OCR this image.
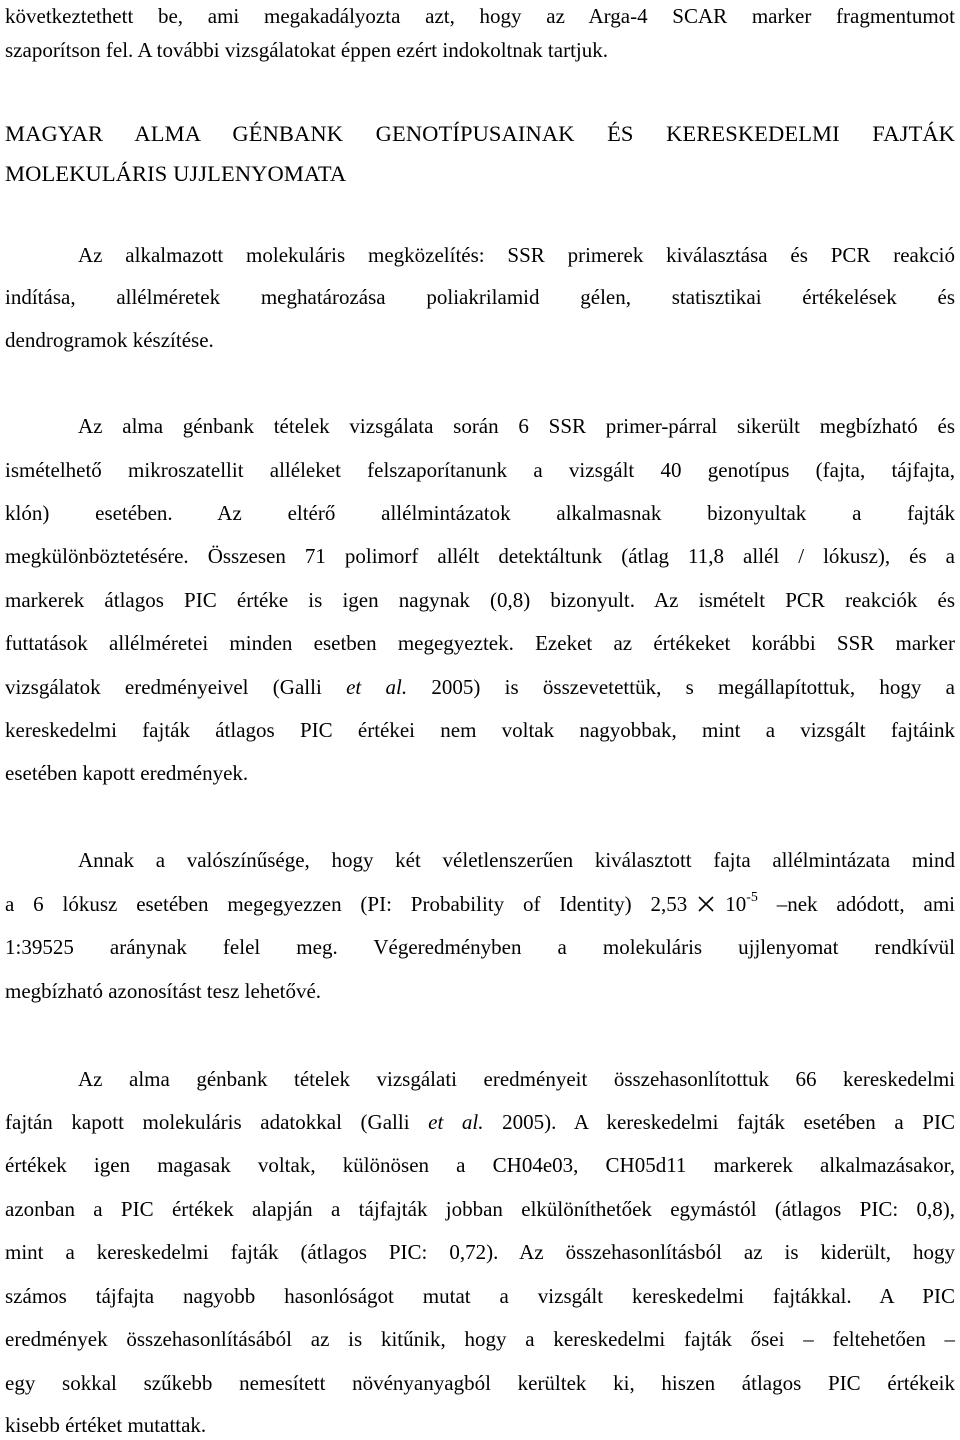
következtethett be, ami megakadályozta azt, hogy az Arga-4 SCAR marker fragmentumot
szaporítson fel. A további vizsgálatokat éppen ezért indokoltnak tartjuk.
MAGYAR ALMA GÉNBANK GENOTÍPUSAINAK ÉS KERESKEDELMI FAJTÁK
MOLEKULÁRIS UJJLENYOMATA
Az alkalmazott molekuláris megközelítés: SSR primerek kiválasztása és PCR reakció
indítása, allélméretek meghatározása poliakrilamid gélen, statisztikai értékelések és
dendrogramok készítése.
Az alma génbank tételek vizsgálata során 6 SSR primer-párral sikerült megbízható és
ismételhető mikroszatellit alléleket felszaporítanunk a vizsgált 40 genotípus (fajta, tájfajta,
klón) esetében. Az eltérő allélmintázatok alkalmasnak bizonyultak a fajták
megkülönböztetésére. Összesen 71 polimorf allélt detektáltunk (átlag 11,8 allél / lókusz), és a
markerek átlagos PIC értéke is igen nagynak (0,8) bizonyult. Az ismételt PCR reakciók és
futtatások allélméretei minden esetben megegyeztek. Ezeket az értékeket korábbi SSR marker
vizsgálatok eredményeivel (Galli et al. 2005) is összevetettük, s megállapítottuk, hogy a
kereskedelmi fajták átlagos PIC értékei nem voltak nagyobbak, mint a vizsgált fajtáink
esetében kapott eredmények.
Annak a valószínűsége, hogy két véletlenszerűen kiválasztott fajta allélmintázata mind
a 6 lókusz esetében megegyezzen (PI: Probability of Identity) 2,53 $10^{-5}$ –nek adódott, ami
1:39525 aránynak felel meg. Végeredményben a molekuláris ujjlenyomat rendkívül
megbízható azonosítást tesz lehetővé.
Az alma génbank tételek vizsgálati eredményeit összehasonlítottuk 66 kereskedelmi
fajtán kapott molekuláris adatokkal (Galli et al. 2005). A kereskedelmi fajták esetében a PIC
értékek igen magasak voltak, különösen a CH04e03, CH05d11 markerek alkalmazásakor,
azonban a PIC értékek alapján a tájfajták jobban elkülöníthetőek egymástól (átlagos PIC: 0,8),
mint a kereskedelmi fajták (átlagos PIC: 0,72). Az összehasonlításból az is kiderült, hogy
számos tájfajta nagyobb hasonlóságot mutat a vizsgált kereskedelmi fajtákkal. A PIC
eredmények összehasonlításából az is kitűnik, hogy a kereskedelmi fajták ősei – feltehetően –
egy sokkal szűkebb nemesített növényanyagból kerültek ki, hiszen átlagos PIC értékeik
kisebb értéket mutattak.
